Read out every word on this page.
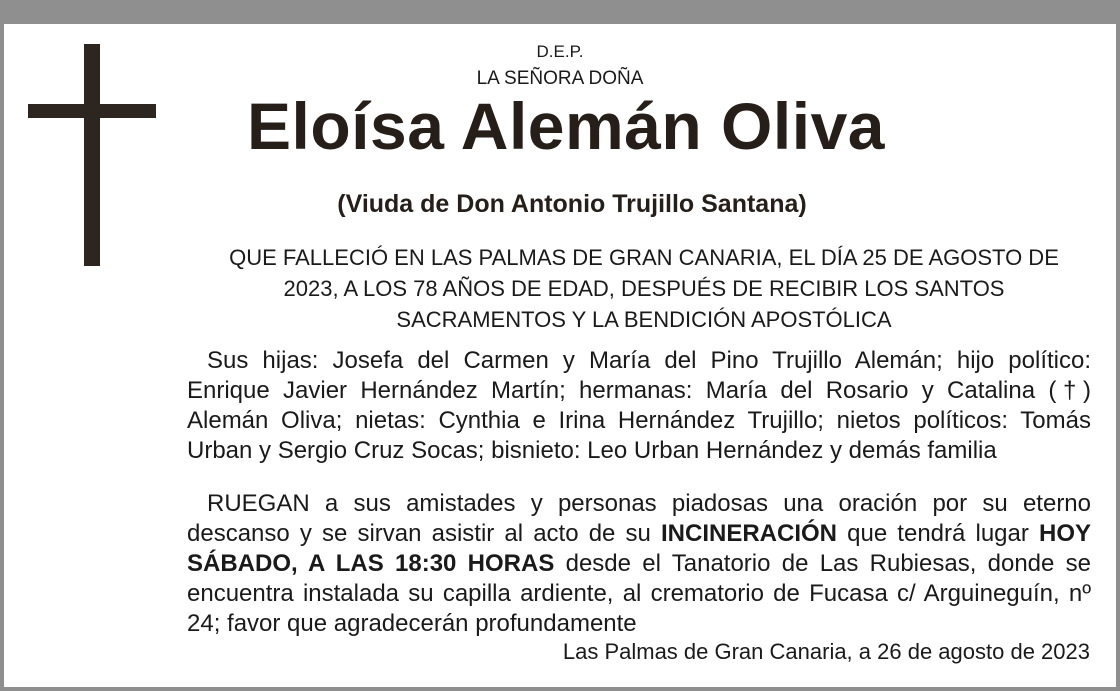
D.E.P.
LA SEÑORA DOÑA
Eloísa Alemán Oliva
(Viuda de Don Antonio Trujillo Santana)
QUE FALLECIÓ EN LAS PALMAS DE GRAN CANARIA, EL DÍA 25 DE AGOSTO DE 2023, A LOS 78 AÑOS DE EDAD, DESPUÉS DE RECIBIR LOS SANTOS SACRAMENTOS Y LA BENDICIÓN APOSTÓLICA
Sus hijas: Josefa del Carmen y María del Pino Trujillo Alemán; hijo político: Enrique Javier Hernández Martín; hermanas: María del Rosario y Catalina (†) Alemán Oliva; nietas: Cynthia e Irina Hernández Trujillo; nietos políticos: Tomás Urban y Sergio Cruz Socas; bisnieto: Leo Urban Hernández y demás familia
RUEGAN a sus amistades y personas piadosas una oración por su eterno descanso y se sirvan asistir al acto de su INCINERACIÓN que tendrá lugar HOY SÁBADO, A LAS 18:30 HORAS desde el Tanatorio de Las Rubiesas, donde se encuentra instalada su capilla ardiente, al crematorio de Fucasa c/ Arguineguín, nº 24; favor que agradecerán profundamente
Las Palmas de Gran Canaria, a 26 de agosto de 2023
